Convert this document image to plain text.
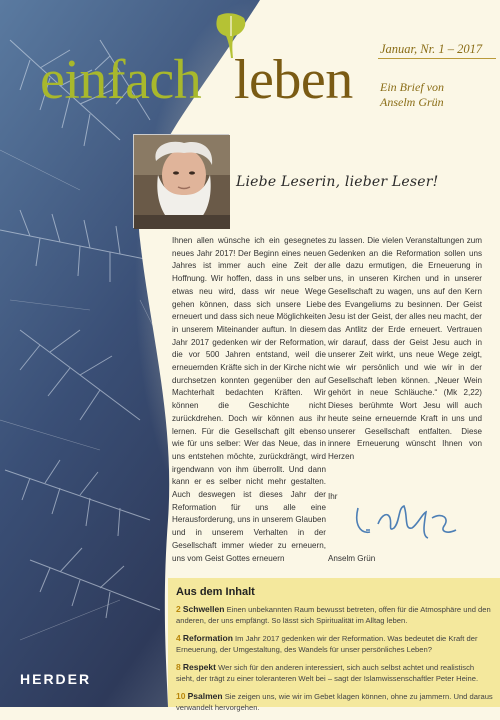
Januar, Nr. 1 – 2017
einfach leben Ein Brief von
Anselm Grün
Liebe Leserin, lieber Leser!
Ihnen allen wünsche ich ein gesegnetes neues Jahr 2017! Der Beginn eines neuen Jahres ist immer auch eine Zeit der Hoffnung. Wir hoffen, dass in uns selber etwas neu wird, dass wir neue Wege gehen können, dass sich unsere Liebe erneuert und dass sich neue Möglichkeiten in unserem Miteinander auftun. In diesem Jahr 2017 gedenken wir der Reformation, die vor 500 Jahren entstand, weil die erneuernden Kräfte sich in der Kirche nicht durchsetzen konnten gegenüber den auf Machterhalt bedachten Kräften. Wir können die Geschichte nicht zurückdrehen. Doch wir können aus ihr lernen. Für die Gesellschaft gilt ebenso wie für uns selber: Wer das Neue, das in uns entstehen möchte, zurückdrängt, wird irgendwann von ihm überrollt. Und dann kann er es selber nicht mehr gestalten. Auch deswegen ist dieses Jahr der Reformation für uns alle eine Herausforderung, uns in unserem Glauben und in unserem Verhalten in der Gesellschaft immer wieder zu erneuern, uns vom Geist Gottes erneuern
zu lassen. Die vielen Veranstaltungen zum Gedenken an die Reformation sollen uns alle dazu ermutigen, die Erneuerung in uns, in unseren Kirchen und in unserer Gesellschaft zu wagen, uns auf den Kern des Evangeliums zu besinnen. Der Geist Jesu ist der Geist, der alles neu macht, der das Antlitz der Erde erneuert. Vertrauen wir darauf, dass der Geist Jesu auch in unserer Zeit wirkt, uns neue Wege zeigt, wie wir persönlich und wie wir in der Gesellschaft leben können. „Neuer Wein gehört in neue Schläuche.“ (Mk 2,22) Dieses berühmte Wort Jesu will auch heute seine erneuernde Kraft in uns und unserer Gesellschaft entfalten. Diese innere Erneuerung wünscht Ihnen von Herzen
Ihr
Anselm Grün
Aus dem Inhalt
2 Schwellen Einen unbekannten Raum bewusst betreten, offen für die Atmosphäre und den anderen, der uns empfängt. So lässt sich Spiritualität im Alltag leben.
4 Reformation Im Jahr 2017 gedenken wir der Reformation. Was bedeutet die Kraft der Erneuerung, der Umgestaltung, des Wandels für unser persönliches Leben?
8 Respekt Wer sich für den anderen interessiert, sich auch selbst achtet und realistisch sieht, der trägt zu einer toleranteren Welt bei – sagt der Islamwissenschaftler Peter Heine.
10 Psalmen Sie zeigen uns, wie wir im Gebet klagen können, ohne zu jammern. Und daraus verwandelt hervorgehen.
HERDER
